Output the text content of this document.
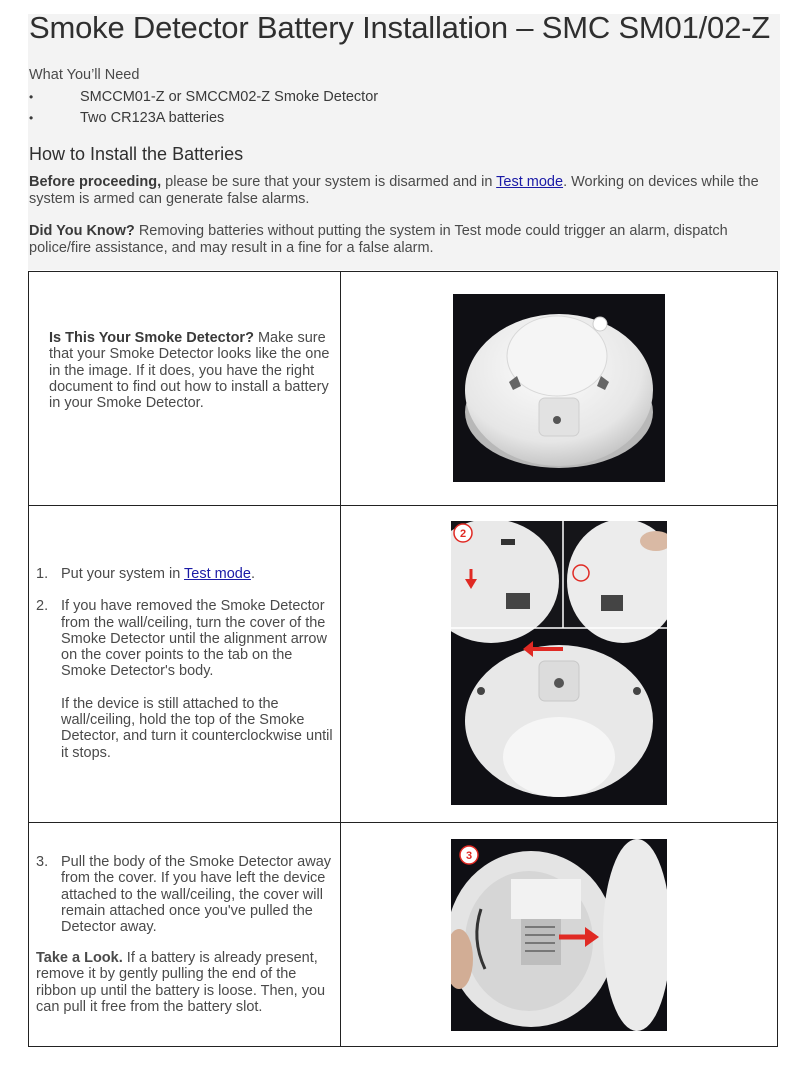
Smoke Detector Battery Installation – SMC SM01/02-Z
What You’ll Need
• SMCCM01-Z or SMCCM02-Z Smoke Detector
• Two CR123A batteries
How to Install the Batteries

Before proceeding, please be sure that your system is disarmed and in Test mode. Working on devices while the system is armed can generate false alarms.

Did You Know? Removing batteries without putting the system in Test mode could trigger an alarm, dispatch police/fire assistance, and may result in a fine for a false alarm.

Is This Your Smoke Detector? Make sure that your Smoke Detector looks like the one in the image. If it does, you have the right document to find out how to install a battery in your Smoke Detector.

1. Put your system in Test mode.
2. If you have removed the Smoke Detector from the wall/ceiling, turn the cover of the Smoke Detector until the alignment arrow on the cover points to the tab on the Smoke Detector's body.

If the device is still attached to the wall/ceiling, hold the top of the Smoke Detector, and turn it counterclockwise until it stops.

2
3. Pull the body of the Smoke Detector away from the cover. If you have left the device attached to the wall/ceiling, the cover will remain attached once you've pulled the Detector away.

Take a Look. If a battery is already present, remove it by gently pulling the end of the ribbon up until the battery is loose. Then, you can pull it free from the battery slot.

3
